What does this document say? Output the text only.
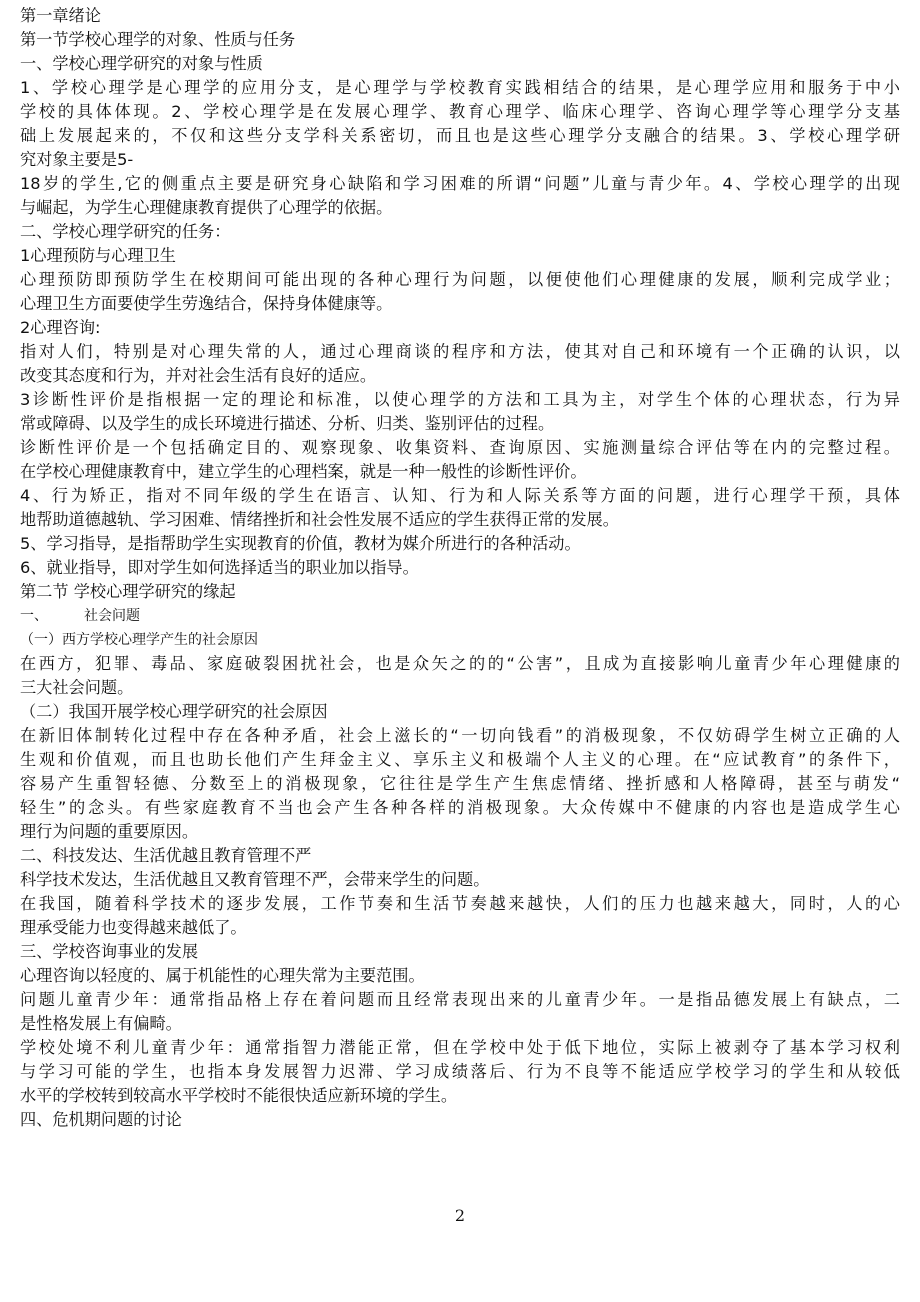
第一章绪论
第一节学校心理学的对象、性质与任务
一、学校心理学研究的对象与性质
1、学校心理学是心理学的应用分支，是心理学与学校教育实践相结合的结果，是心理学应用和服务于中小
学校的具体体现。2、学校心理学是在发展心理学、教育心理学、临床心理学、咨询心理学等心理学分支基
础上发展起来的，不仅和这些分支学科关系密切，而且也是这些心理学分支融合的结果。3、学校心理学研
究对象主要是5-
18岁的学生,它的侧重点主要是研究身心缺陷和学习困难的所谓“问题”儿童与青少年。4、学校心理学的出现
与崛起，为学生心理健康教育提供了心理学的依据。
二、学校心理学研究的任务：
1心理预防与心理卫生
心理预防即预防学生在校期间可能出现的各种心理行为问题，以便使他们心理健康的发展，顺利完成学业；
心理卫生方面要使学生劳逸结合，保持身体健康等。
2心理咨询:
指对人们，特别是对心理失常的人，通过心理商谈的程序和方法，使其对自己和环境有一个正确的认识，以
改变其态度和行为，并对社会生活有良好的适应。
3诊断性评价是指根据一定的理论和标准，以使心理学的方法和工具为主，对学生个体的心理状态，行为异
常或障碍、以及学生的成长环境进行描述、分析、归类、鉴别评估的过程。
诊断性评价是一个包括确定目的、观察现象、收集资料、查询原因、实施测量综合评估等在内的完整过程。
在学校心理健康教育中，建立学生的心理档案，就是一种一般性的诊断性评价。
4、行为矫正，指对不同年级的学生在语言、认知、行为和人际关系等方面的问题，进行心理学干预，具体
地帮助道德越轨、学习困难、情绪挫折和社会性发展不适应的学生获得正常的发展。
5、学习指导，是指帮助学生实现教育的价值，教材为媒介所进行的各种活动。
6、就业指导，即对学生如何选择适当的职业加以指导。
第二节 学校心理学研究的缘起
一、	社会问题
（一）西方学校心理学产生的社会原因
在西方，犯罪、毒品、家庭破裂困扰社会，也是众矢之的的“公害”，且成为直接影响儿童青少年心理健康的
三大社会问题。
（二）我国开展学校心理学研究的社会原因
在新旧体制转化过程中存在各种矛盾，社会上滋长的“一切向钱看”的消极现象，不仅妨碍学生树立正确的人
生观和价值观，而且也助长他们产生拜金主义、享乐主义和极端个人主义的心理。在“应试教育”的条件下，
容易产生重智轻德、分数至上的消极现象，它往往是学生产生焦虑情绪、挫折感和人格障碍，甚至与萌发“
轻生”的念头。有些家庭教育不当也会产生各种各样的消极现象。大众传媒中不健康的内容也是造成学生心
理行为问题的重要原因。
二、科技发达、生活优越且教育管理不严
科学技术发达，生活优越且又教育管理不严，会带来学生的问题。
在我国，随着科学技术的逐步发展，工作节奏和生活节奏越来越快，人们的压力也越来越大，同时，人的心
理承受能力也变得越来越低了。
三、学校咨询事业的发展
心理咨询以轻度的、属于机能性的心理失常为主要范围。
问题儿童青少年：通常指品格上存在着问题而且经常表现出来的儿童青少年。一是指品德发展上有缺点，二
是性格发展上有偏畸。
学校处境不利儿童青少年：通常指智力潜能正常，但在学校中处于低下地位，实际上被剥夺了基本学习权利
与学习可能的学生，也指本身发展智力迟滞、学习成绩落后、行为不良等不能适应学校学习的学生和从较低
水平的学校转到较高水平学校时不能很快适应新环境的学生。
四、危机期问题的讨论
2
